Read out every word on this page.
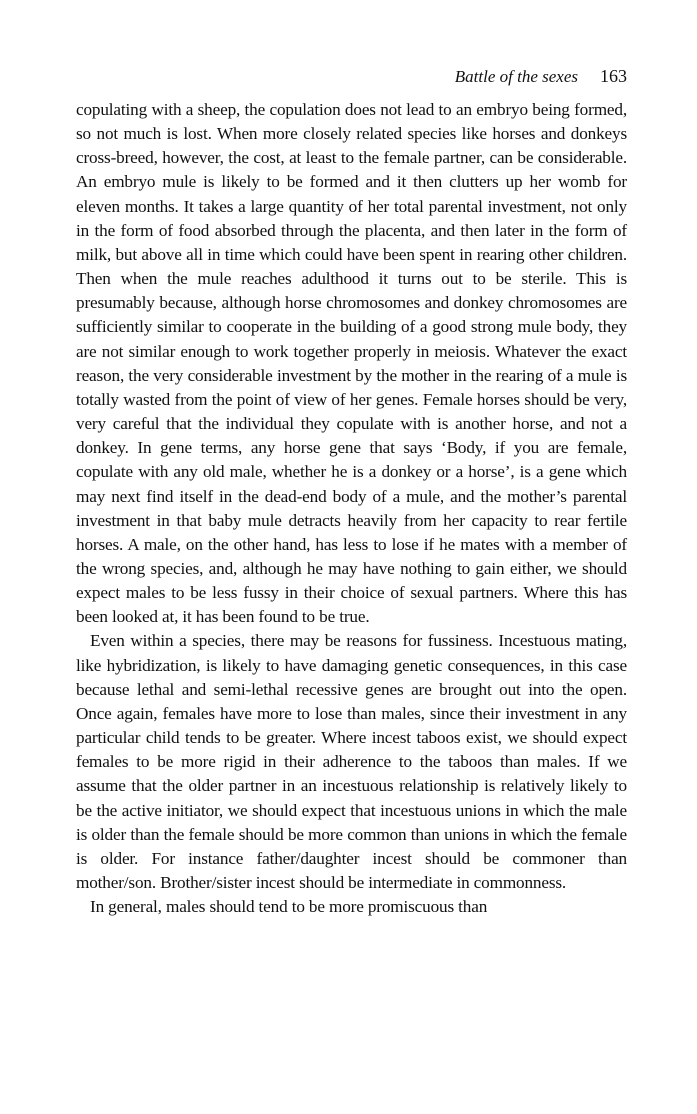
Battle of the sexes 163

copulating with a sheep, the copulation does not lead to an embryo being formed, so not much is lost. When more closely related species like horses and donkeys cross-breed, however, the cost, at least to the female partner, can be considerable. An embryo mule is likely to be formed and it then clutters up her womb for eleven months. It takes a large quantity of her total parental investment, not only in the form of food absorbed through the placenta, and then later in the form of milk, but above all in time which could have been spent in rearing other children. Then when the mule reaches adulthood it turns out to be sterile. This is presumably because, although horse chromosomes and donkey chromosomes are sufficiently similar to cooperate in the building of a good strong mule body, they are not similar enough to work together properly in meiosis. Whatever the exact reason, the very considerable investment by the mother in the rearing of a mule is totally wasted from the point of view of her genes. Female horses should be very, very careful that the individual they copulate with is another horse, and not a donkey. In gene terms, any horse gene that says ‘Body, if you are female, copulate with any old male, whether he is a donkey or a horse’, is a gene which may next find itself in the dead-end body of a mule, and the mother’s parental investment in that baby mule detracts heavily from her capacity to rear fertile horses. A male, on the other hand, has less to lose if he mates with a member of the wrong species, and, although he may have nothing to gain either, we should expect males to be less fussy in their choice of sexual partners. Where this has been looked at, it has been found to be true.

Even within a species, there may be reasons for fussiness. Incestuous mating, like hybridization, is likely to have damaging genetic consequences, in this case because lethal and semi-lethal recessive genes are brought out into the open. Once again, females have more to lose than males, since their investment in any particular child tends to be greater. Where incest taboos exist, we should expect females to be more rigid in their adherence to the taboos than males. If we assume that the older partner in an incestuous relationship is relatively likely to be the active initiator, we should expect that incestuous unions in which the male is older than the female should be more common than unions in which the female is older. For instance father/daughter incest should be commoner than mother/son. Brother/sister incest should be intermediate in commonness.

In general, males should tend to be more promiscuous than
